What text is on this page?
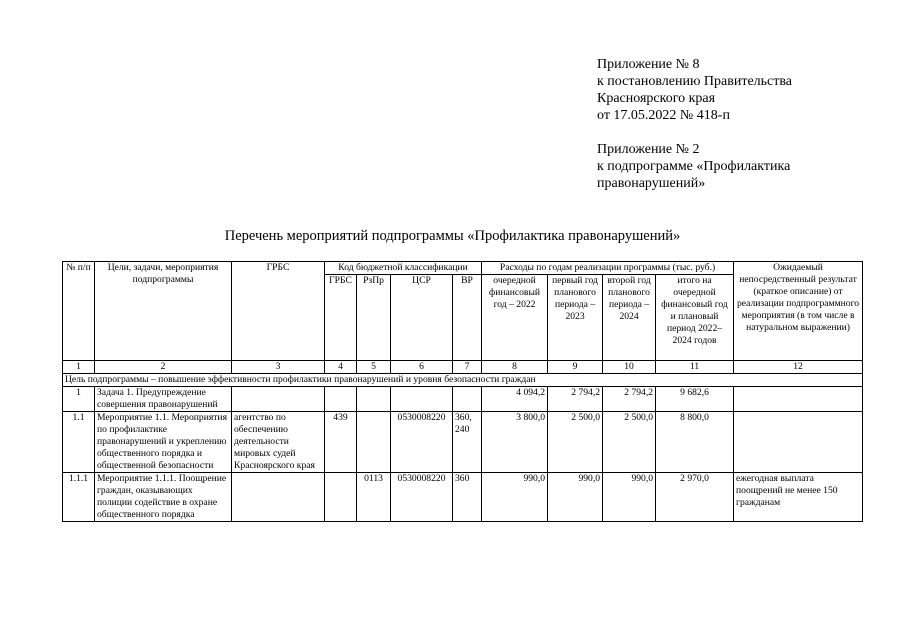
Приложение № 8
к постановлению Правительства
Красноярского края
от 17.05.2022 № 418-п
Приложение № 2
к подпрограмме «Профилактика
правонарушений»
Перечень мероприятий подпрограммы «Профилактика правонарушений»
№ п/п	Цели, задачи, мероприятия подпрограммы	ГРБС	Код бюджетной классификации				Расходы по годам реализации программы (тыс. руб.)				Ожидаемый непосредственный результат (краткое описание) от реализации подпрограммного мероприятия (в том числе в натуральном выражении)
			ГРБС	РзПр	ЦСР	ВР	очередной финансовый год – 2022	первый год планового периода – 2023	второй год планового периода – 2024	итого на очередной финансовый год и плановый период 2022–2024 годов	
1	2	3	4	5	6	7	8	9	10	11	12
Цель подпрограммы – повышение эффективности профилактики правонарушений и уровня безопасности граждан											
1	Задача 1. Предупреждение совершения правонарушений						4 094,2	2 794,2	2 794,2	9 682,6	
1.1	Мероприятие 1.1. Мероприятия по профилактике правонарушений и укреплению общественного порядка и общественной безопасности	агентство по обеспечению деятельности мировых судей Красноярского края	439		0530008220	360, 240	3 800,0	2 500,0	2 500,0	8 800,0	
1.1.1	Мероприятие 1.1.1. Поощрение граждан, оказывающих полиции содействие в охране общественного порядка			0113	0530008220	360	990,0	990,0	990,0	2 970,0	ежегодная выплата поощрений не менее 150 гражданам
